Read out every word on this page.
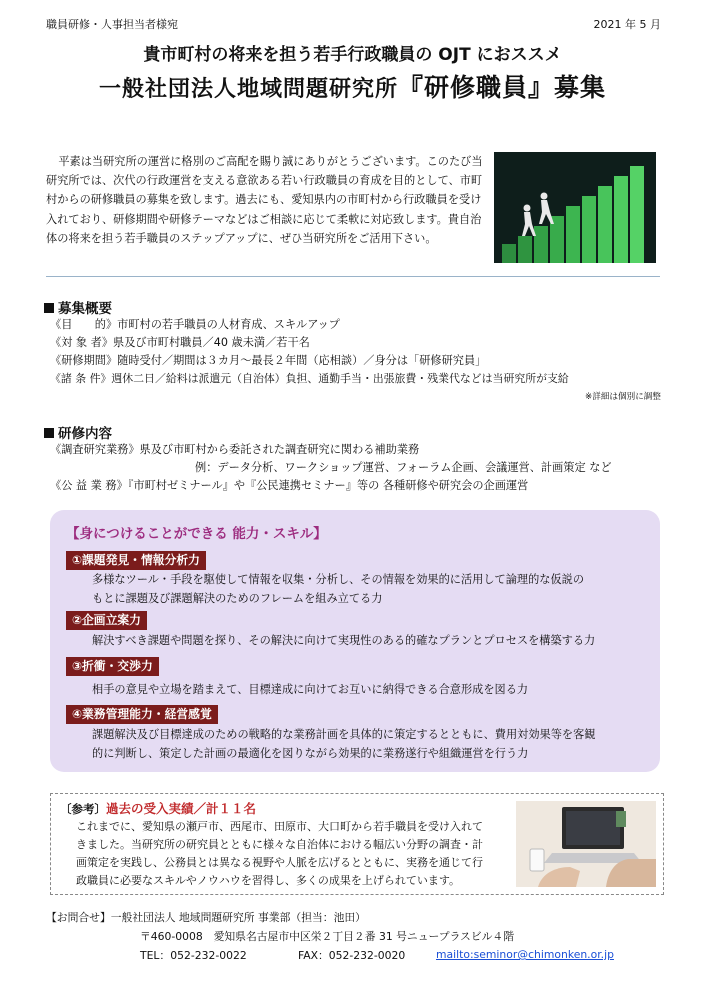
職員研修・人事担当者様宛	2021 年 5 月
貴市町村の将来を担う若手行政職員の OJT におススメ
一般社団法人地域問題研究所『研修職員』募集

平素は当研究所の運営に格別のご高配を賜り誠にありがとうございます。このたび当研究所では、次代の行政運営を支える意欲ある若い行政職員の育成を目的として、市町村からの研修職員の募集を致します。過去にも、愛知県内の市町村から行政職員を受け入れており、研修期間や研修テーマなどはご相談に応じて柔軟に対応致します。貴自治体の将来を担う若手職員のステップアップに、ぜひ当研究所をご活用下さい。

募集概要
《目　　的》市町村の若手職員の人材育成、スキルアップ
《対 象 者》県及び市町村職員／40 歳未満／若干名
《研修期間》随時受付／期間は３カ月～最長２年間（応相談）／身分は「研修研究員」
《諸 条 件》週休二日／給料は派遣元（自治体）負担、通勤手当・出張旅費・残業代などは当研究所が支給
※詳細は個別に調整
研修内容
《調査研究業務》県及び市町村から委託された調査研究に関わる補助業務
例：データ分析、ワークショップ運営、フォーラム企画、会議運営、計画策定 など
《公 益 業 務》『市町村ゼミナール』や『公民連携セミナー』等の 各種研修や研究会の企画運営
【身につけることができる 能力・スキル】
①課題発見・情報分析力
多様なツール・手段を駆使して情報を収集・分析し、その情報を効果的に活用して論理的な仮説の
もとに課題及び課題解決のためのフレームを組み立てる力
②企画立案力
解決すべき課題や問題を探り、その解決に向けて実現性のある的確なプランとプロセスを構築する力
③折衝・交渉力
相手の意見や立場を踏まえて、目標達成に向けてお互いに納得できる合意形成を図る力
④業務管理能力・経営感覚
課題解決及び目標達成のための戦略的な業務計画を具体的に策定するとともに、費用対効果等を客観
的に判断し、策定した計画の最適化を図りながら効果的に業務遂行や組織運営を行う力
〔参考〕過去の受入実績／計１１名
これまでに、愛知県の瀬戸市、西尾市、田原市、大口町から若手職員を受け入れて
きました。当研究所の研究員とともに様々な自治体における幅広い分野の調査・計
画策定を実践し、公務員とは異なる視野や人脈を広げるとともに、実務を通じて行
政職員に必要なスキルやノウハウを習得し、多くの成果を上げられています。
【お問合せ】一般社団法人 地域問題研究所 事業部（担当：池田）
〒460-0008　愛知県名古屋市中区栄２丁目２番 31 号ニュープラスビル４階
TEL：052-232-0022	FAX：052-232-0020	mailto:seminor@chimonken.or.jp
